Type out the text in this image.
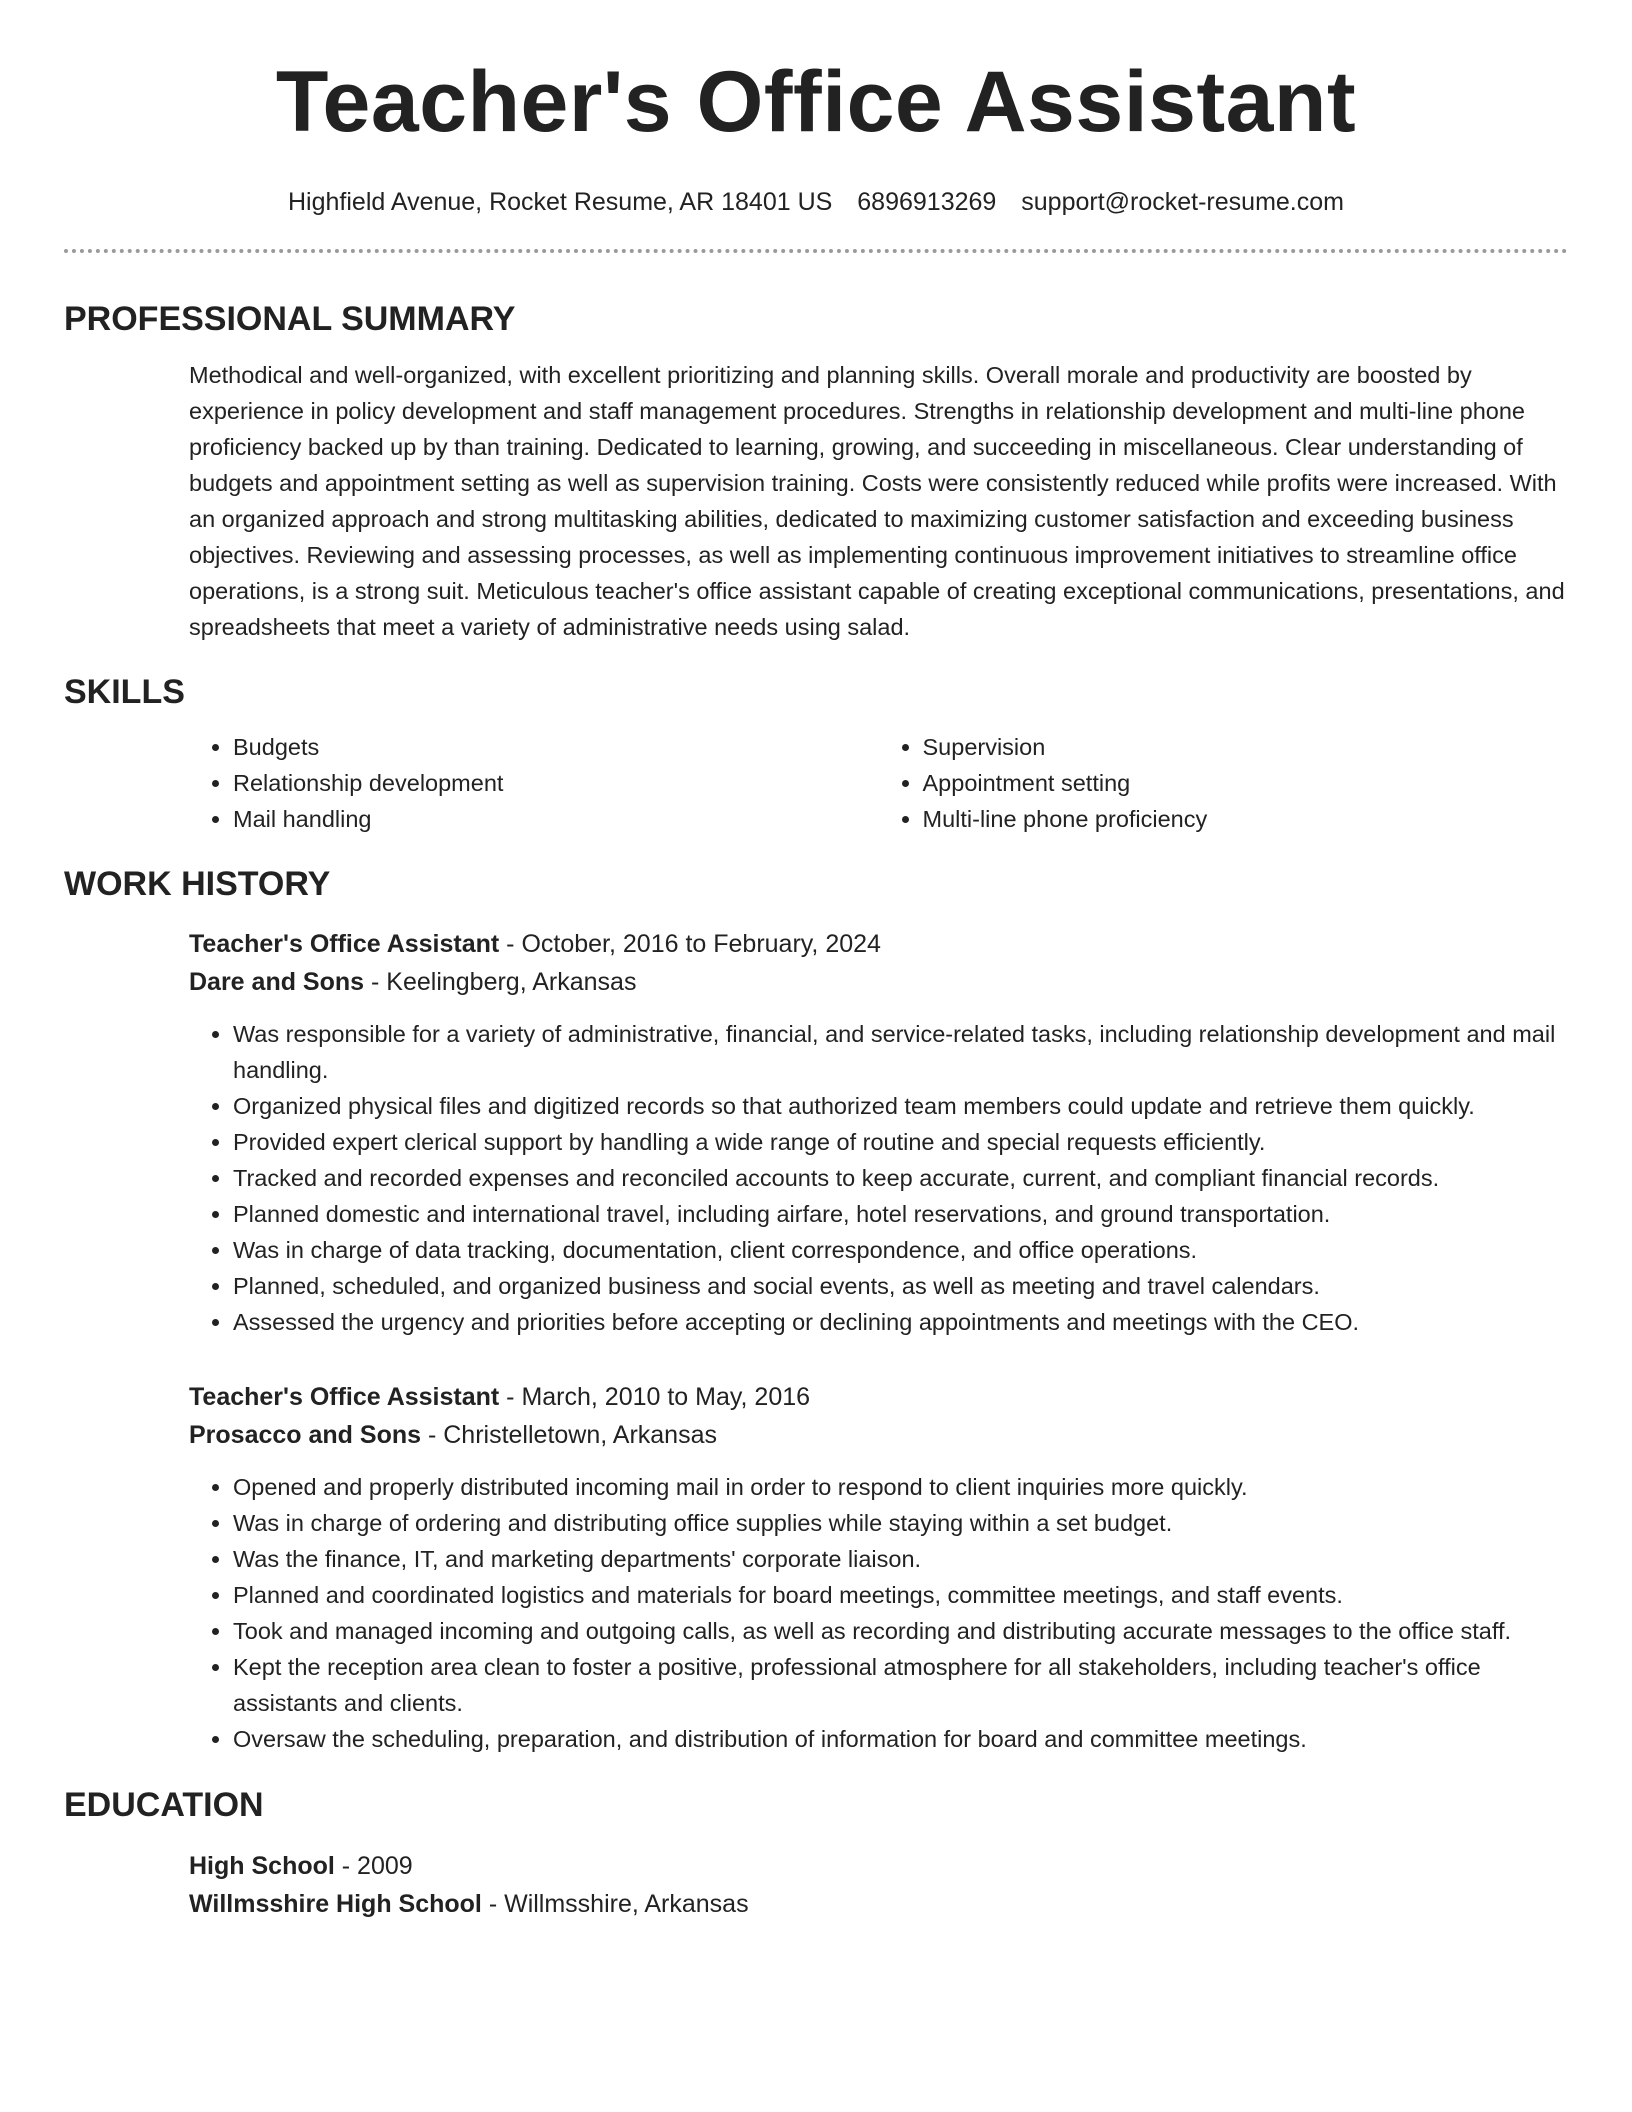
Teacher's Office Assistant
Highfield Avenue, Rocket Resume, AR 18401 US 6896913269 support@rocket-resume.com
PROFESSIONAL SUMMARY

Methodical and well-organized, with excellent prioritizing and planning skills. Overall morale and productivity are boosted by experience in policy development and staff management procedures. Strengths in relationship development and multi-line phone proficiency backed up by than training. Dedicated to learning, growing, and succeeding in miscellaneous. Clear understanding of budgets and appointment setting as well as supervision training. Costs were consistently reduced while profits were increased. With an organized approach and strong multitasking abilities, dedicated to maximizing customer satisfaction and exceeding business objectives. Reviewing and assessing processes, as well as implementing continuous improvement initiatives to streamline office operations, is a strong suit. Meticulous teacher's office assistant capable of creating exceptional communications, presentations, and spreadsheets that meet a variety of administrative needs using salad.

SKILLS
• Budgets
• Relationship development
• Mail handling
• Supervision
• Appointment setting
• Multi-line phone proficiency
WORK HISTORY
Teacher's Office Assistant - October, 2016 to February, 2024
Dare and Sons - Keelingberg, Arkansas
• Was responsible for a variety of administrative, financial, and service-related tasks, including relationship development and mail handling.
• Organized physical files and digitized records so that authorized team members could update and retrieve them quickly.
• Provided expert clerical support by handling a wide range of routine and special requests efficiently.
• Tracked and recorded expenses and reconciled accounts to keep accurate, current, and compliant financial records.
• Planned domestic and international travel, including airfare, hotel reservations, and ground transportation.
• Was in charge of data tracking, documentation, client correspondence, and office operations.
• Planned, scheduled, and organized business and social events, as well as meeting and travel calendars.
• Assessed the urgency and priorities before accepting or declining appointments and meetings with the CEO.
Teacher's Office Assistant - March, 2010 to May, 2016
Prosacco and Sons - Christelletown, Arkansas
• Opened and properly distributed incoming mail in order to respond to client inquiries more quickly.
• Was in charge of ordering and distributing office supplies while staying within a set budget.
• Was the finance, IT, and marketing departments' corporate liaison.
• Planned and coordinated logistics and materials for board meetings, committee meetings, and staff events.
• Took and managed incoming and outgoing calls, as well as recording and distributing accurate messages to the office staff.
• Kept the reception area clean to foster a positive, professional atmosphere for all stakeholders, including teacher's office assistants and clients.
• Oversaw the scheduling, preparation, and distribution of information for board and committee meetings.
EDUCATION
High School - 2009
Willmsshire High School - Willmsshire, Arkansas
